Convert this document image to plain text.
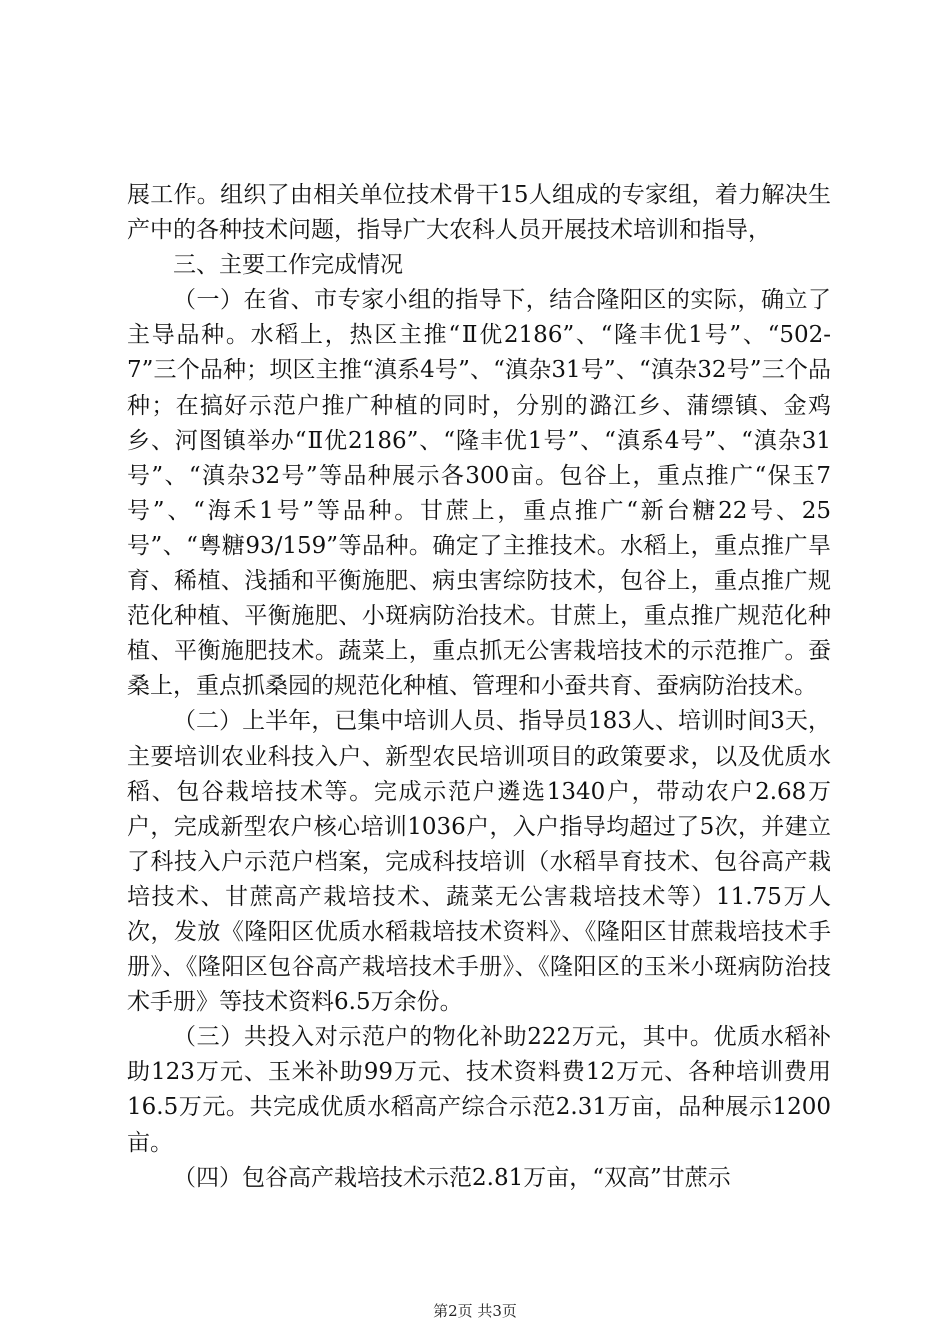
展工作。组织了由相关单位技术骨干15人组成的专家组，着力解决生产中的各种技术问题，指导广大农科人员开展技术培训和指导，

三、主要工作完成情况

（一）在省、市专家小组的指导下，结合隆阳区的实际，确立了主导品种。水稻上，热区主推“Ⅱ优2186”、“隆丰优1号”、“502-7”三个品种；坝区主推“滇系4号”、“滇杂31号”、“滇杂32号”三个品种；在搞好示范户推广种植的同时，分别的潞江乡、蒲缥镇、金鸡乡、河图镇举办“Ⅱ优2186”、“隆丰优1号”、“滇系4号”、“滇杂31号”、“滇杂32号”等品种展示各300亩。包谷上，重点推广“保玉7号”、“海禾1号”等品种。甘蔗上，重点推广“新台糖22号、25号”、“粤糖93/159”等品种。确定了主推技术。水稻上，重点推广旱育、稀植、浅插和平衡施肥、病虫害综防技术，包谷上，重点推广规范化种植、平衡施肥、小斑病防治技术。甘蔗上，重点推广规范化种植、平衡施肥技术。蔬菜上，重点抓无公害栽培技术的示范推广。蚕桑上，重点抓桑园的规范化种植、管理和小蚕共育、蚕病防治技术。

（二）上半年，已集中培训人员、指导员183人、培训时间3天，主要培训农业科技入户、新型农民培训项目的政策要求，以及优质水稻、包谷栽培技术等。完成示范户遴选1340户，带动农户2.68万户，完成新型农户核心培训1036户，入户指导均超过了5次，并建立了科技入户示范户档案，完成科技培训（水稻旱育技术、包谷高产栽培技术、甘蔗高产栽培技术、蔬菜无公害栽培技术等）11.75万人次，发放《隆阳区优质水稻栽培技术资料》、《隆阳区甘蔗栽培技术手册》、《隆阳区包谷高产栽培技术手册》、《隆阳区的玉米小斑病防治技术手册》等技术资料6.5万余份。

（三）共投入对示范户的物化补助222万元，其中。优质水稻补助123万元、玉米补助99万元、技术资料费12万元、各种培训费用16.5万元。共完成优质水稻高产综合示范2.31万亩，品种展示1200亩。

（四）包谷高产栽培技术示范2.81万亩，“双高”甘蔗示

第2页 共3页
